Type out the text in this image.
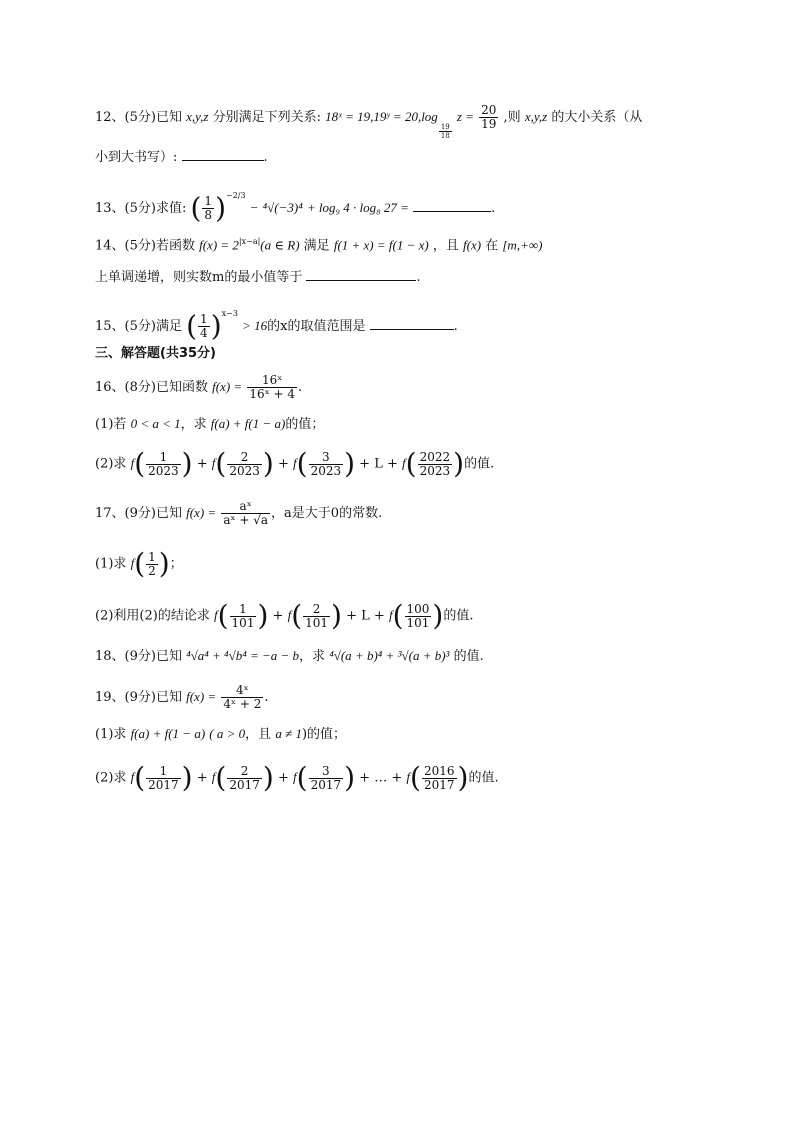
12、(5分)已知 x,y,z 分别满足下列关系: 18ˣ = 19,19ʸ = 20,log
$\frac{19}{18}$
$z = \frac{20}{19}$ ,则 x,y,z 的大小关系（从
小到大书写）:	.
13、(5分)求值: ( $\frac{1}{8} )^{-2/3} - ^4√(-3)^4 + \log_9$ 4 · log₈ 27 =	.
14、(5分)若函数 $f(x) = 2^{|x-a|}(a$ ∈ R) 满足 f(1 + x) = f(1 − x) ，且 f(x) 在 [m,+∞)
上单调递增，则实数m的最小值等于	.
15、(5分)满足 ( $\frac{1}{4} )^{x-3} > 16$的x的取值范围是	.
三、解答题(共35分)
16、(8分)已知函数 $f(x) = \frac{\text{16ˣ}}{\text{16ˣ + 4}}$ .
(1)若 0 < a < 1，求 f(a) + f(1 − a)的值；
(2)求 $f( \frac{1}{2023}$ ) + $f( \frac{2}{2023}$ ) + $f( \frac{3}{2023}$ ) + $L + f( \frac{2022}{2023}$ )的值.
17、(9分)已知 $f(x) = \frac{\text{aˣ}}{\text{aˣ + √a}}$ ，a是大于0的常数.
(1)求 $f( \frac{1}{2}$ )；
(2)利用(2)的结论求 $f( \frac{1}{101}$ ) + $f( \frac{2}{101}$ ) + $L + f( \frac{100}{101}$ )的值.
18、(9分)已知 ⁴√a⁴ + ⁴√b⁴ = −a − b，求 ⁴√(a + b)⁴ + ³√(a + b)³ 的值.
19、(9分)已知 $f(x) = \frac{\text{4ˣ}}{\text{4ˣ + 2}}$ .
(1)求 f(a) + f(1 − a) ( a > 0，且 a ≠ 1)的值；
(2)求 $f( \frac{1}{2017}$ ) + $f( \frac{2}{2017}$ ) + $f( \frac{3}{2017}$ ) + … + $f( \frac{2016}{2017}$ )的值.
